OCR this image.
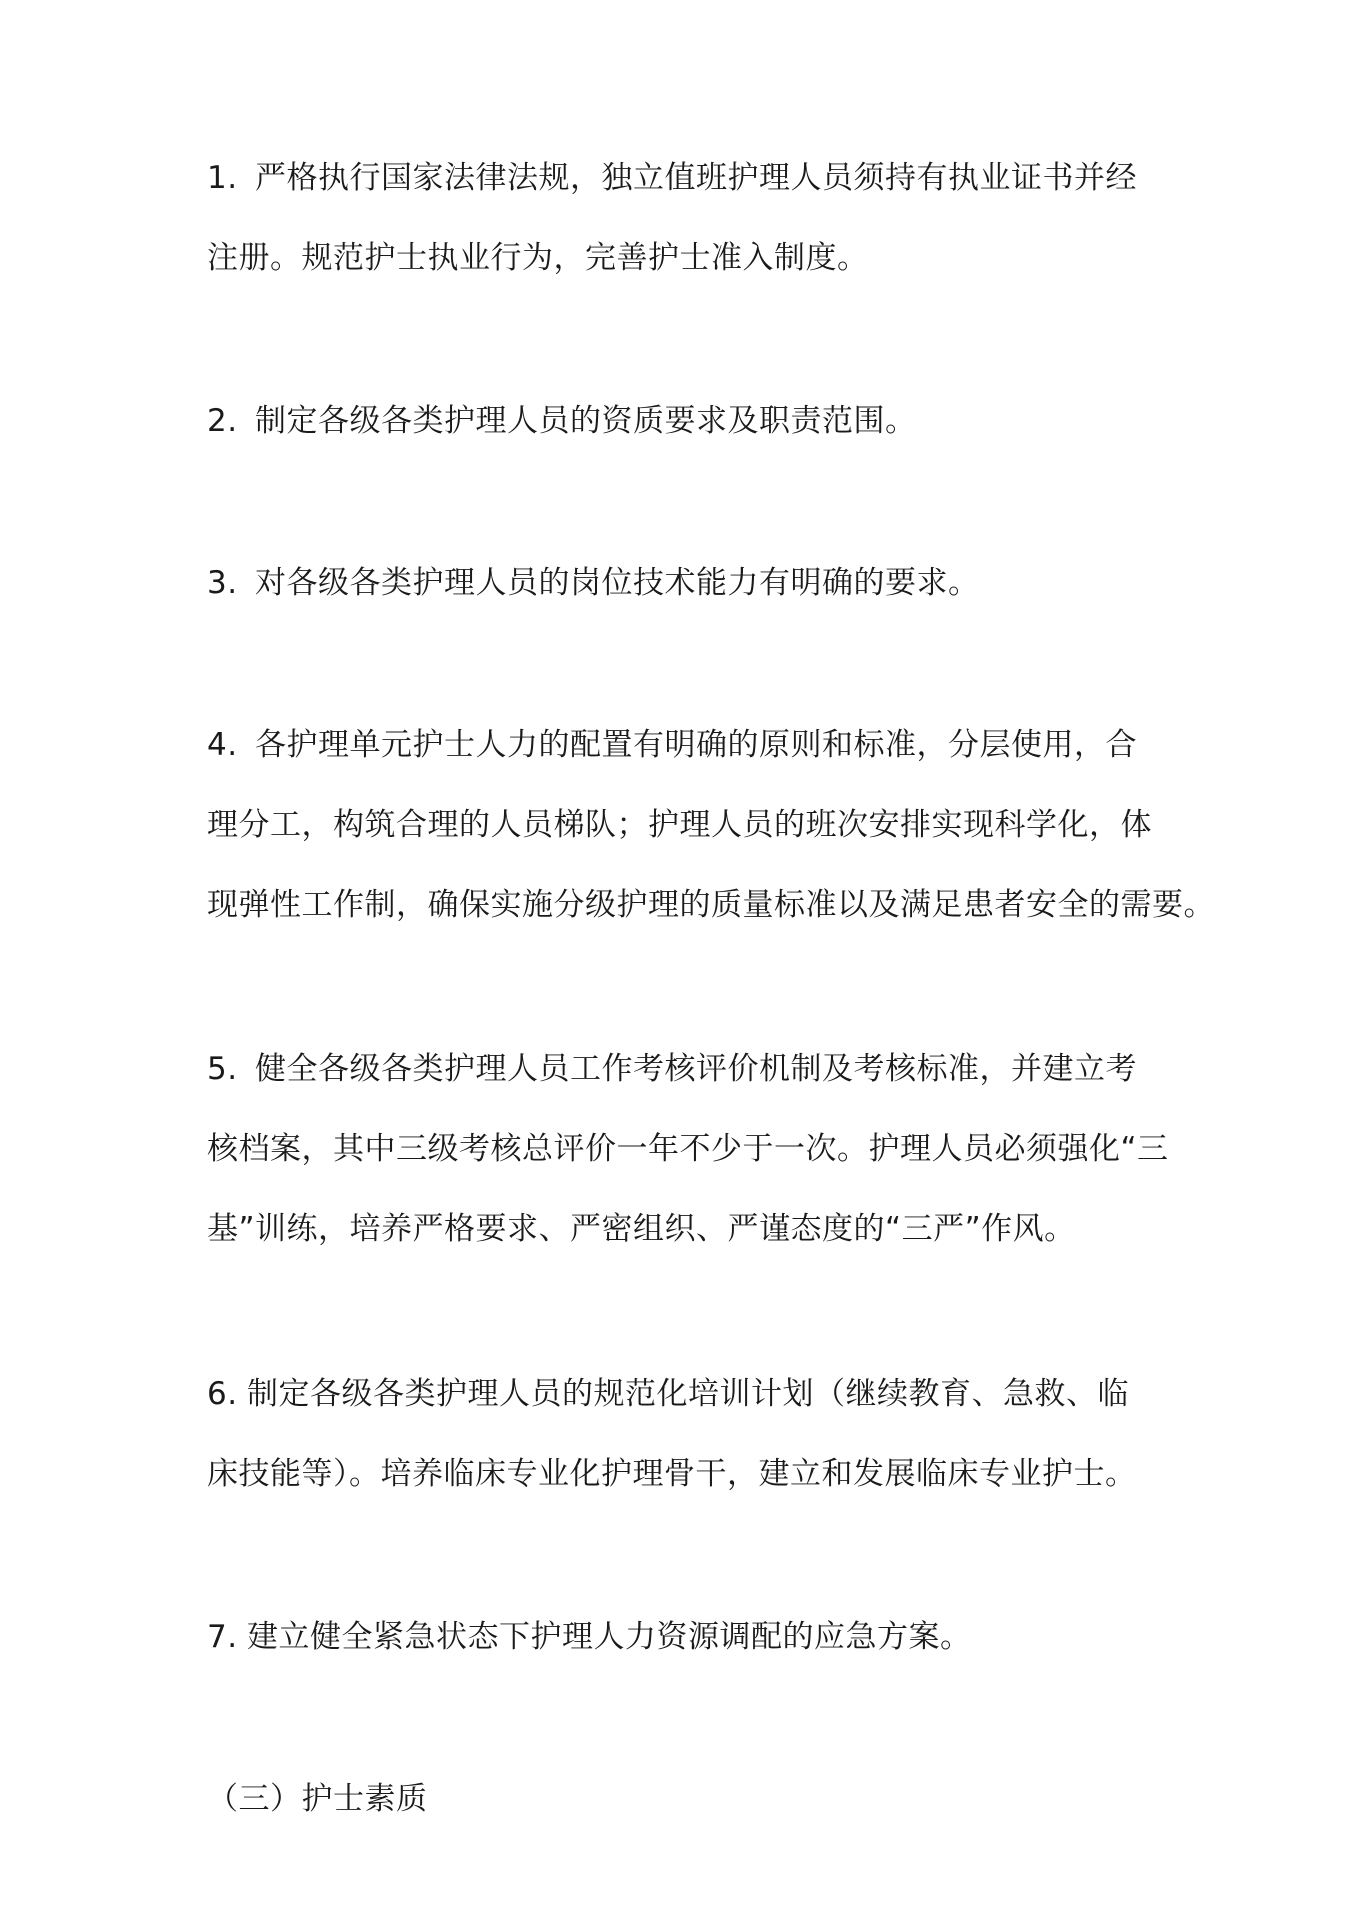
1. 严格执行国家法律法规，独立值班护理人员须持有执业证书并经
注册。规范护士执业行为，完善护士准入制度。
2. 制定各级各类护理人员的资质要求及职责范围。
3. 对各级各类护理人员的岗位技术能力有明确的要求。
4. 各护理单元护士人力的配置有明确的原则和标准，分层使用，合
理分工，构筑合理的人员梯队；护理人员的班次安排实现科学化，体
现弹性工作制，确保实施分级护理的质量标准以及满足患者安全的需要。
5. 健全各级各类护理人员工作考核评价机制及考核标准，并建立考
核档案，其中三级考核总评价一年不少于一次。护理人员必须强化“三
基”训练，培养严格要求、严密组织、严谨态度的“三严”作风。
6. 制定各级各类护理人员的规范化培训计划（继续教育、急救、临
床技能等）。培养临床专业化护理骨干，建立和发展临床专业护士。
7. 建立健全紧急状态下护理人力资源调配的应急方案。
（三）护士素质
